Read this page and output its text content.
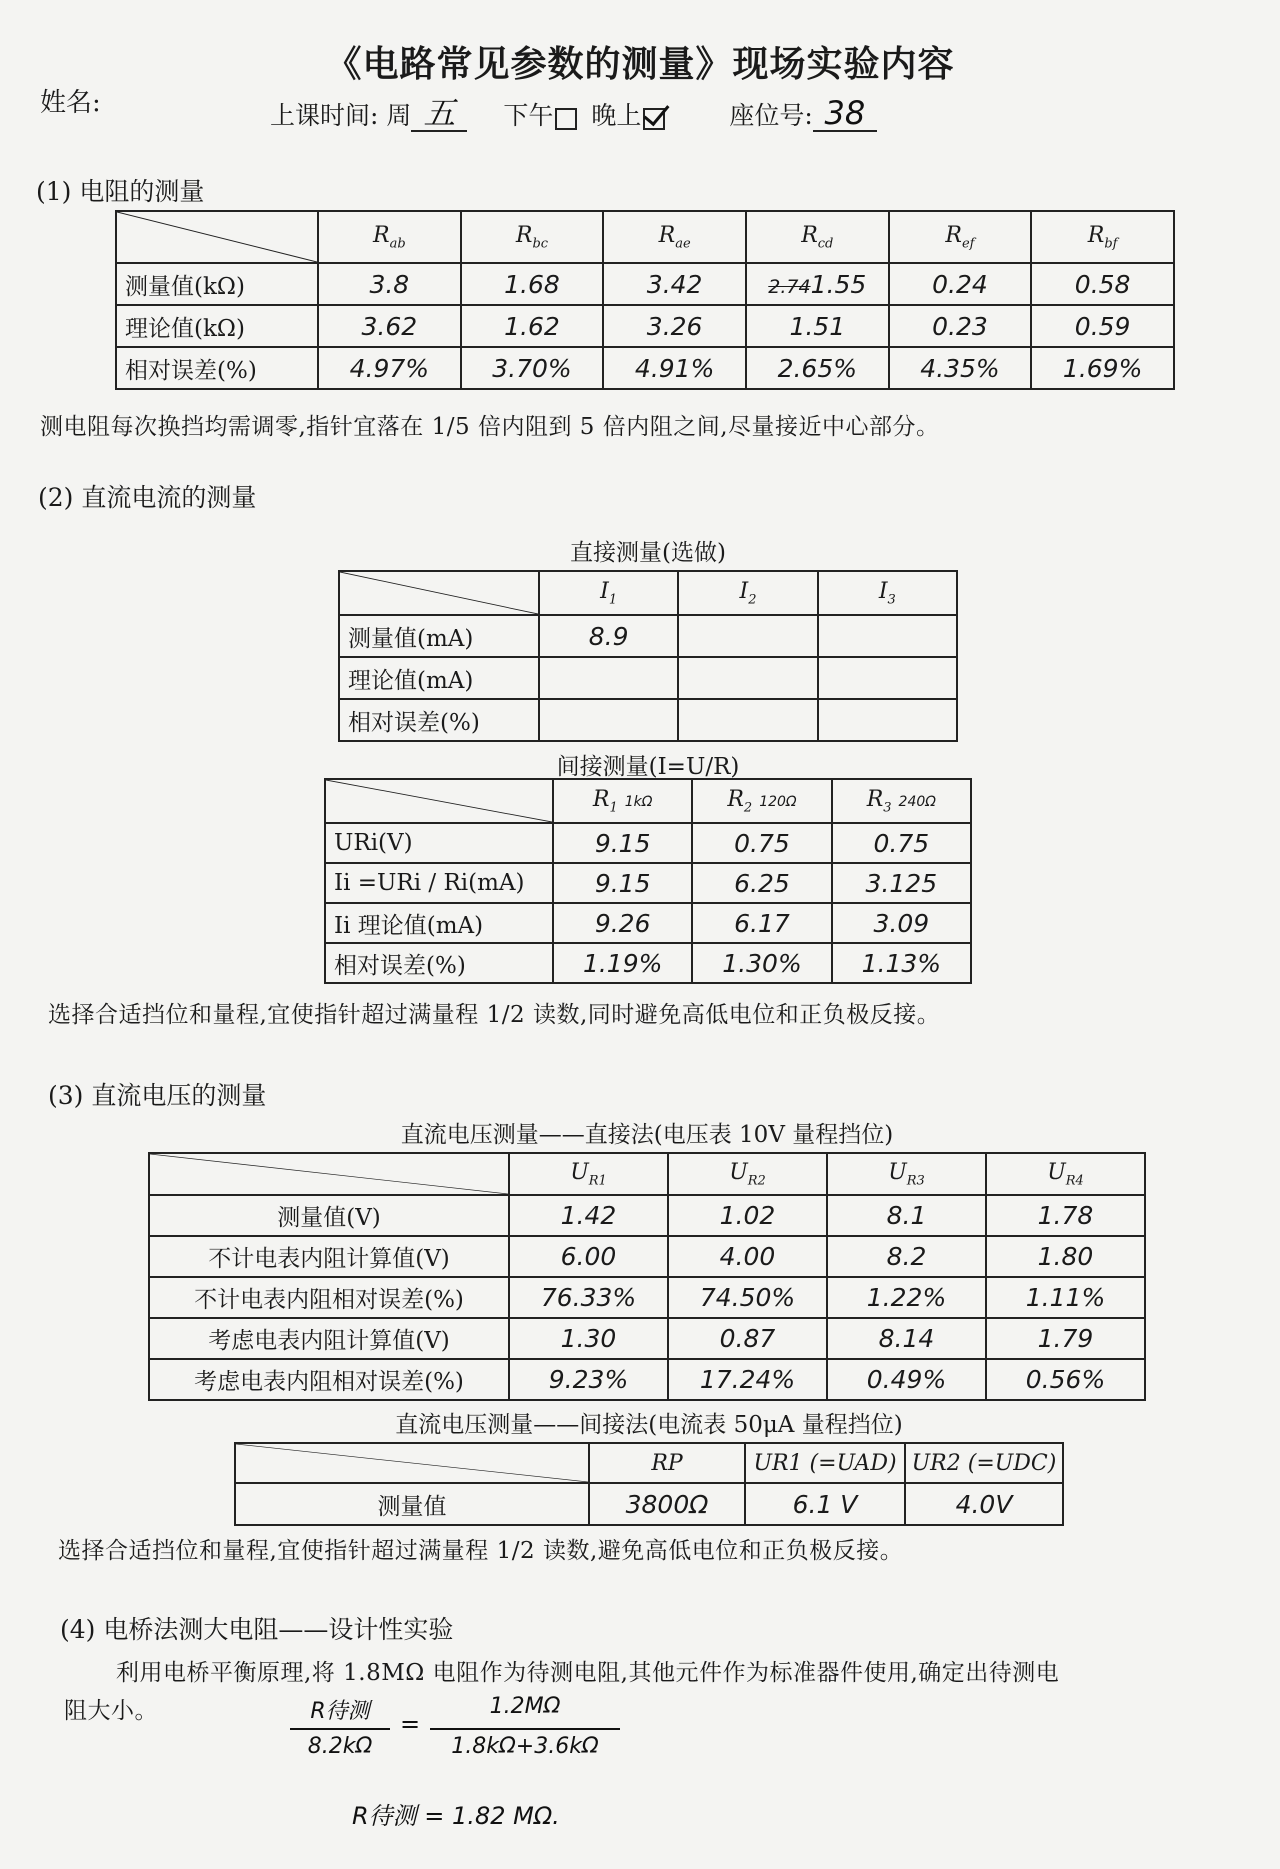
《电路常见参数的测量》现场实验内容
姓名:	上课时间: 周 五	下午 晚上	座位号: 38
(1) 电阻的测量
	$R_{ab}$	$R_{bc}$	$R_{ae}$	$R_{cd}$	$R_{ef}$	$R_{bf}$
测量值(kΩ)	3.8	1.68	3.42	2.741.55	0.24	0.58
理论值(kΩ)	3.62	1.62	3.26	1.51	0.23	0.59
相对误差(%)	4.97%	3.70%	4.91%	2.65%	4.35%	1.69%
测电阻每次换挡均需调零,指针宜落在 1/5 倍内阻到 5 倍内阻之间,尽量接近中心部分。
(2) 直流电流的测量
直接测量(选做)
	$I_1$	$I_2$	$I_3$
测量值(mA)	8.9		
理论值(mA)			
相对误差(%)			
间接测量(I=U/R)
	$R_1$ 1kΩ	$R_2$ 120Ω	$R_3$ 240Ω
URi(V)	9.15	0.75	0.75
Ii =URi / Ri(mA)	9.15	6.25	3.125
Ii 理论值(mA)	9.26	6.17	3.09
相对误差(%)	1.19%	1.30%	1.13%
选择合适挡位和量程,宜使指针超过满量程 1/2 读数,同时避免高低电位和正负极反接。
(3) 直流电压的测量
直流电压测量——直接法(电压表 10V 量程挡位)
	$U_{R1}$	$U_{R2}$	$U_{R3}$	$U_{R4}$
测量值(V)	1.42	1.02	8.1	1.78
不计电表内阻计算值(V)	6.00	4.00	8.2	1.80
不计电表内阻相对误差(%)	76.33%	74.50%	1.22%	1.11%
考虑电表内阻计算值(V)	1.30	0.87	8.14	1.79
考虑电表内阻相对误差(%)	9.23%	17.24%	0.49%	0.56%
直流电压测量——间接法(电流表 50μA 量程挡位)
	RP	UR1 (=UAD)	UR2 (=UDC)
测量值	3800Ω	6.1 V	4.0V
选择合适挡位和量程,宜使指针超过满量程 1/2 读数,避免高低电位和正负极反接。
(4) 电桥法测大电阻——设计性实验
利用电桥平衡原理,将 1.8MΩ 电阻作为待测电阻,其他元件作为标准器件使用,确定出待测电
阻大小。	R待测
8.2kΩ
=
1.2MΩ
1.8kΩ+3.6kΩ
R待测 = 1.82 MΩ.
